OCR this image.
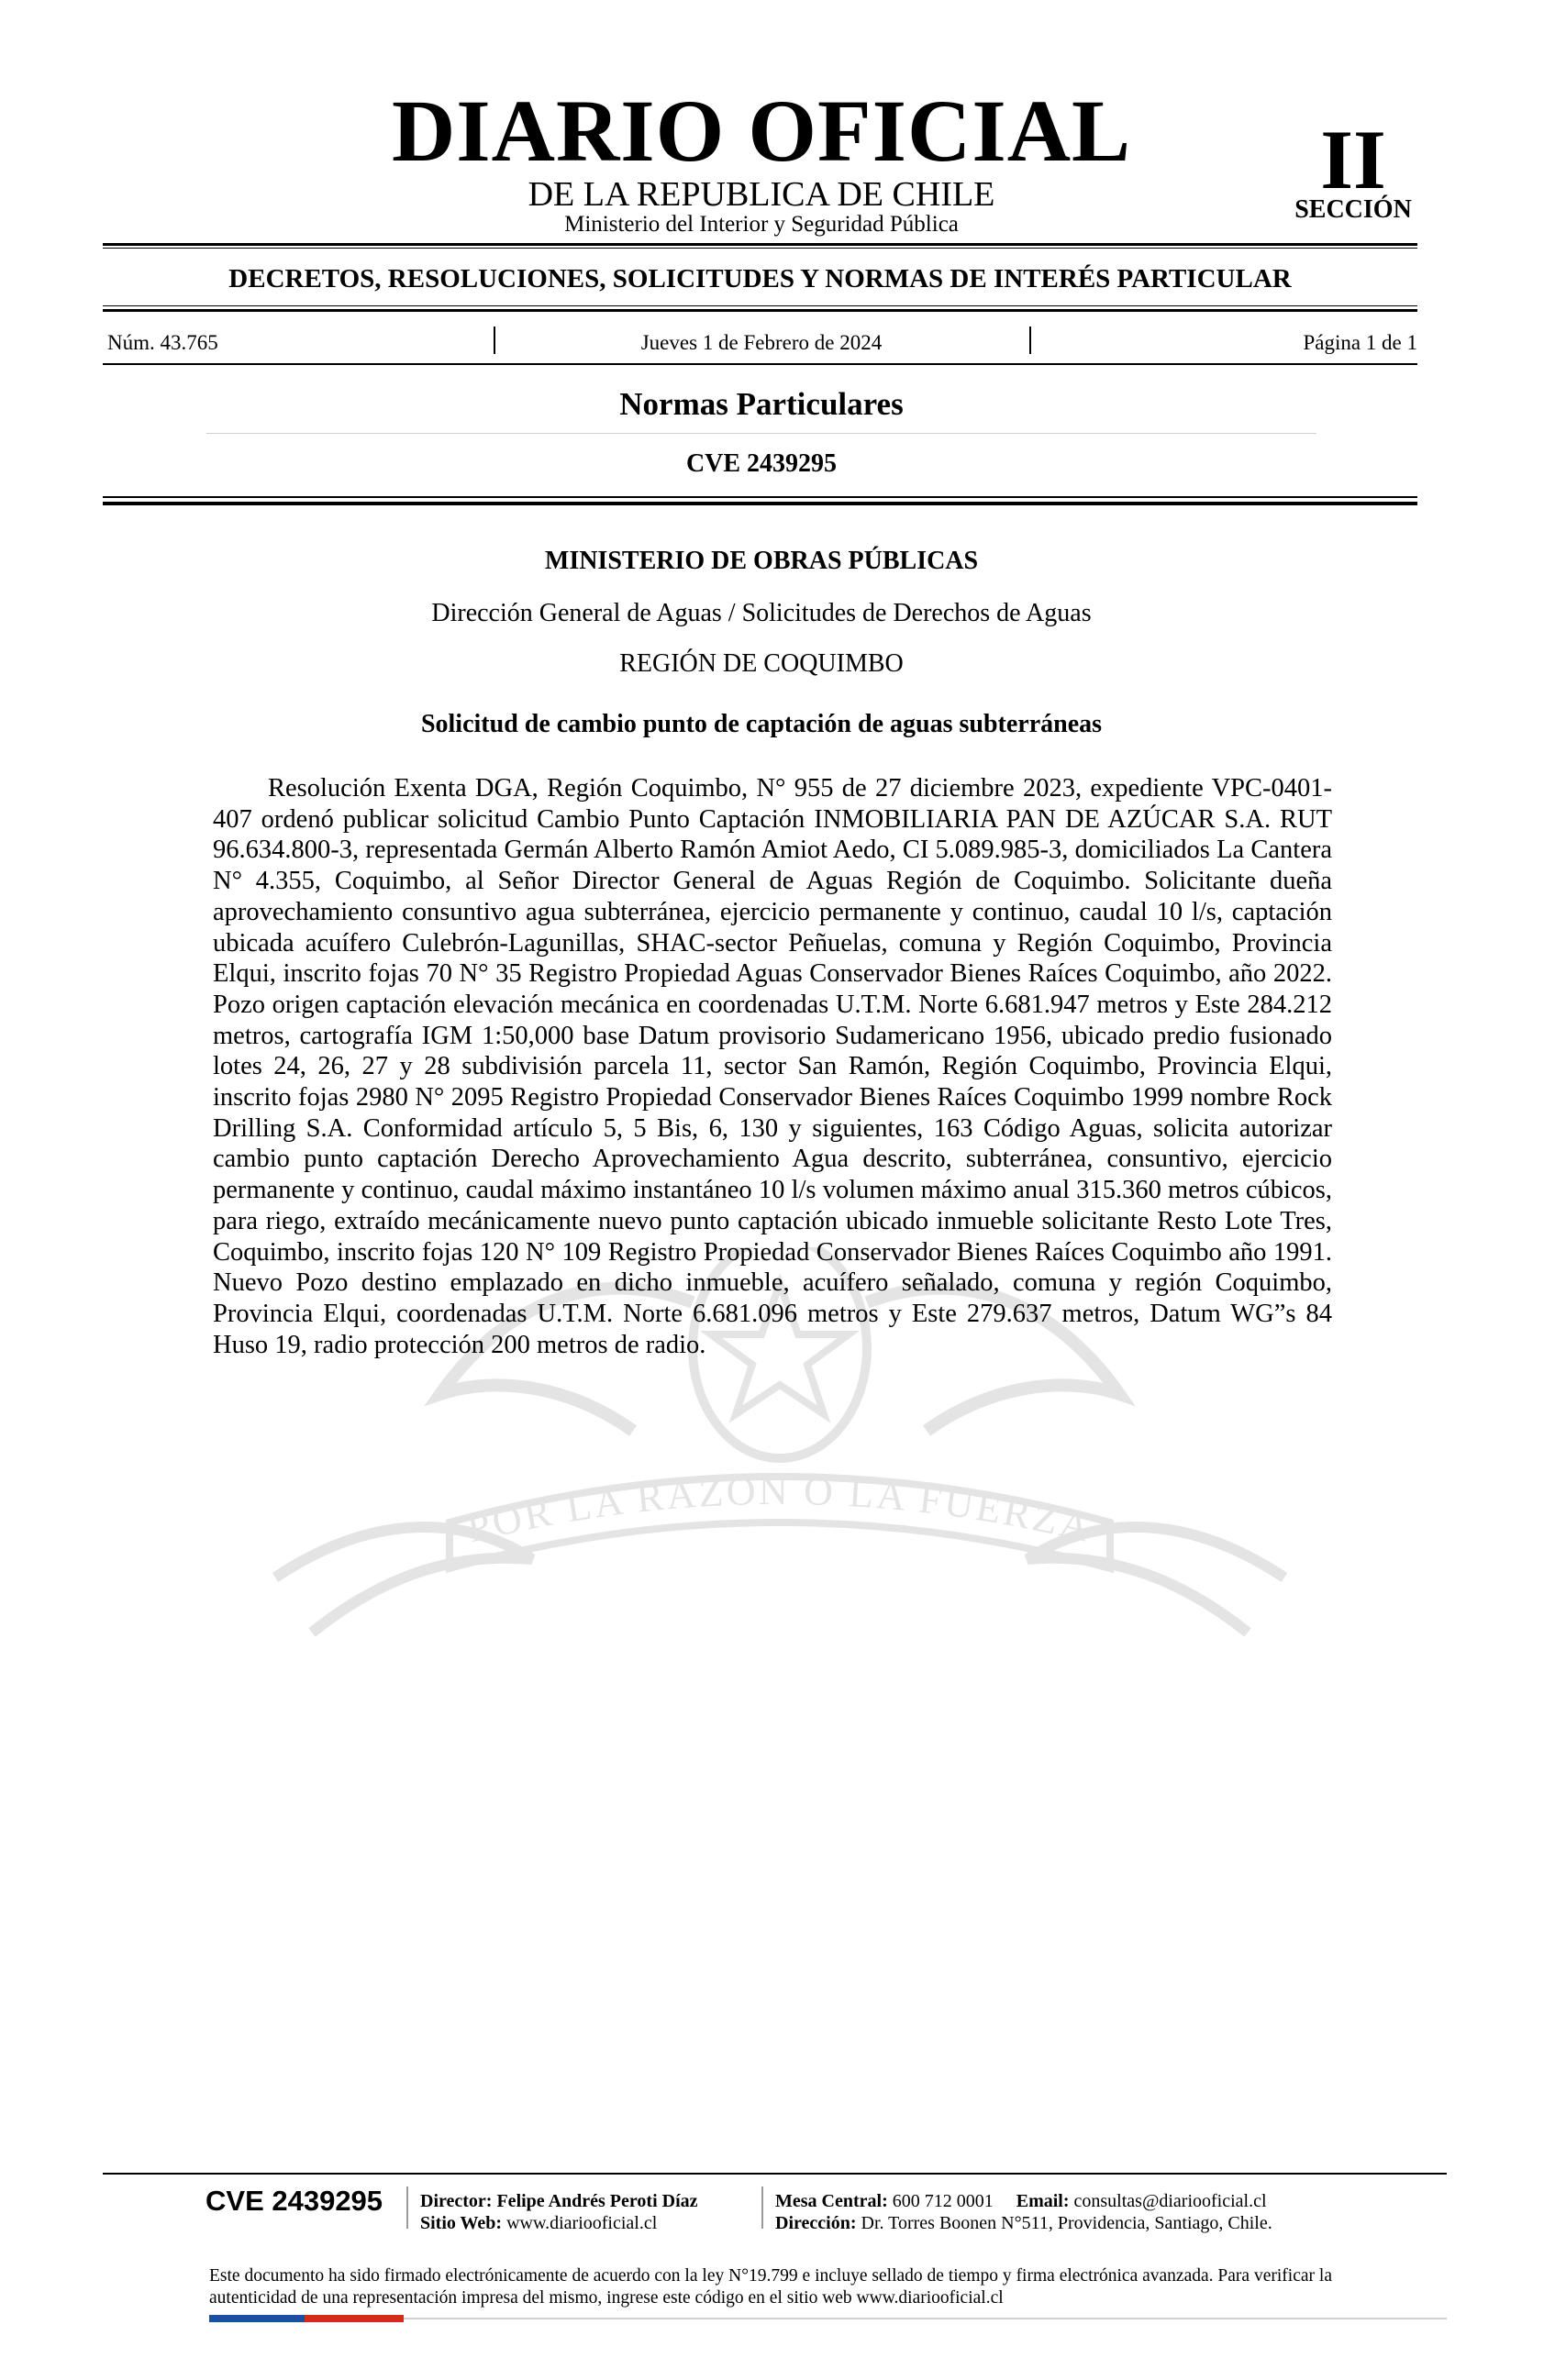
DIARIO OFICIAL
DE LA REPUBLICA DE CHILE
Ministerio del Interior y Seguridad Pública
II
SECCIÓN
DECRETOS, RESOLUCIONES, SOLICITUDES Y NORMAS DE INTERÉS PARTICULAR
Núm. 43.765	Jueves 1 de Febrero de 2024	Página 1 de 1
Normas Particulares
CVE 2439295
POR LA RAZON O LA FUERZA
MINISTERIO DE OBRAS PÚBLICAS
Dirección General de Aguas / Solicitudes de Derechos de Aguas
REGIÓN DE COQUIMBO
Solicitud de cambio punto de captación de aguas subterráneas

Resolución Exenta DGA, Región Coquimbo, N° 955 de 27 diciembre 2023, expediente VPC-0401-407 ordenó publicar solicitud Cambio Punto Captación INMOBILIARIA PAN DE AZÚCAR S.A. RUT 96.634.800-3, representada Germán Alberto Ramón Amiot Aedo, CI 5.089.985-3, domiciliados La Cantera N° 4.355, Coquimbo, al Señor Director General de Aguas Región de Coquimbo. Solicitante dueña aprovechamiento consuntivo agua subterránea, ejercicio permanente y continuo, caudal 10 l/s, captación ubicada acuífero Culebrón-Lagunillas, SHAC-sector Peñuelas, comuna y Región Coquimbo, Provincia Elqui, inscrito fojas 70 N° 35 Registro Propiedad Aguas Conservador Bienes Raíces Coquimbo, año 2022. Pozo origen captación elevación mecánica en coordenadas U.T.M. Norte 6.681.947 metros y Este 284.212 metros, cartografía IGM 1:50,000 base Datum provisorio Sudamericano 1956, ubicado predio fusionado lotes 24, 26, 27 y 28 subdivisión parcela 11, sector San Ramón, Región Coquimbo, Provincia Elqui, inscrito fojas 2980 N° 2095 Registro Propiedad Conservador Bienes Raíces Coquimbo 1999 nombre Rock Drilling S.A. Conformidad artículo 5, 5 Bis, 6, 130 y siguientes, 163 Código Aguas, solicita autorizar cambio punto captación Derecho Aprovechamiento Agua descrito, subterránea, consuntivo, ejercicio permanente y continuo, caudal máximo instantáneo 10 l/s volumen máximo anual 315.360 metros cúbicos, para riego, extraído mecánicamente nuevo punto captación ubicado inmueble solicitante Resto Lote Tres, Coquimbo, inscrito fojas 120 N° 109 Registro Propiedad Conservador Bienes Raíces Coquimbo año 1991. Nuevo Pozo destino emplazado en dicho inmueble, acuífero señalado, comuna y región Coquimbo, Provincia Elqui, coordenadas U.T.M. Norte 6.681.096 metros y Este 279.637 metros, Datum WG”s 84 Huso 19, radio protección 200 metros de radio.

CVE 2439295 Director: Felipe Andrés Peroti Díaz
Sitio Web: www.diariooficial.cl
Mesa Central: 600 712 0001 Email: consultas@diariooficial.cl
Dirección: Dr. Torres Boonen N°511, Providencia, Santiago, Chile.

Este documento ha sido firmado electrónicamente de acuerdo con la ley N°19.799 e incluye sellado de tiempo y firma electrónica avanzada. Para verificar la autenticidad de una representación impresa del mismo, ingrese este código en el sitio web www.diariooficial.cl
